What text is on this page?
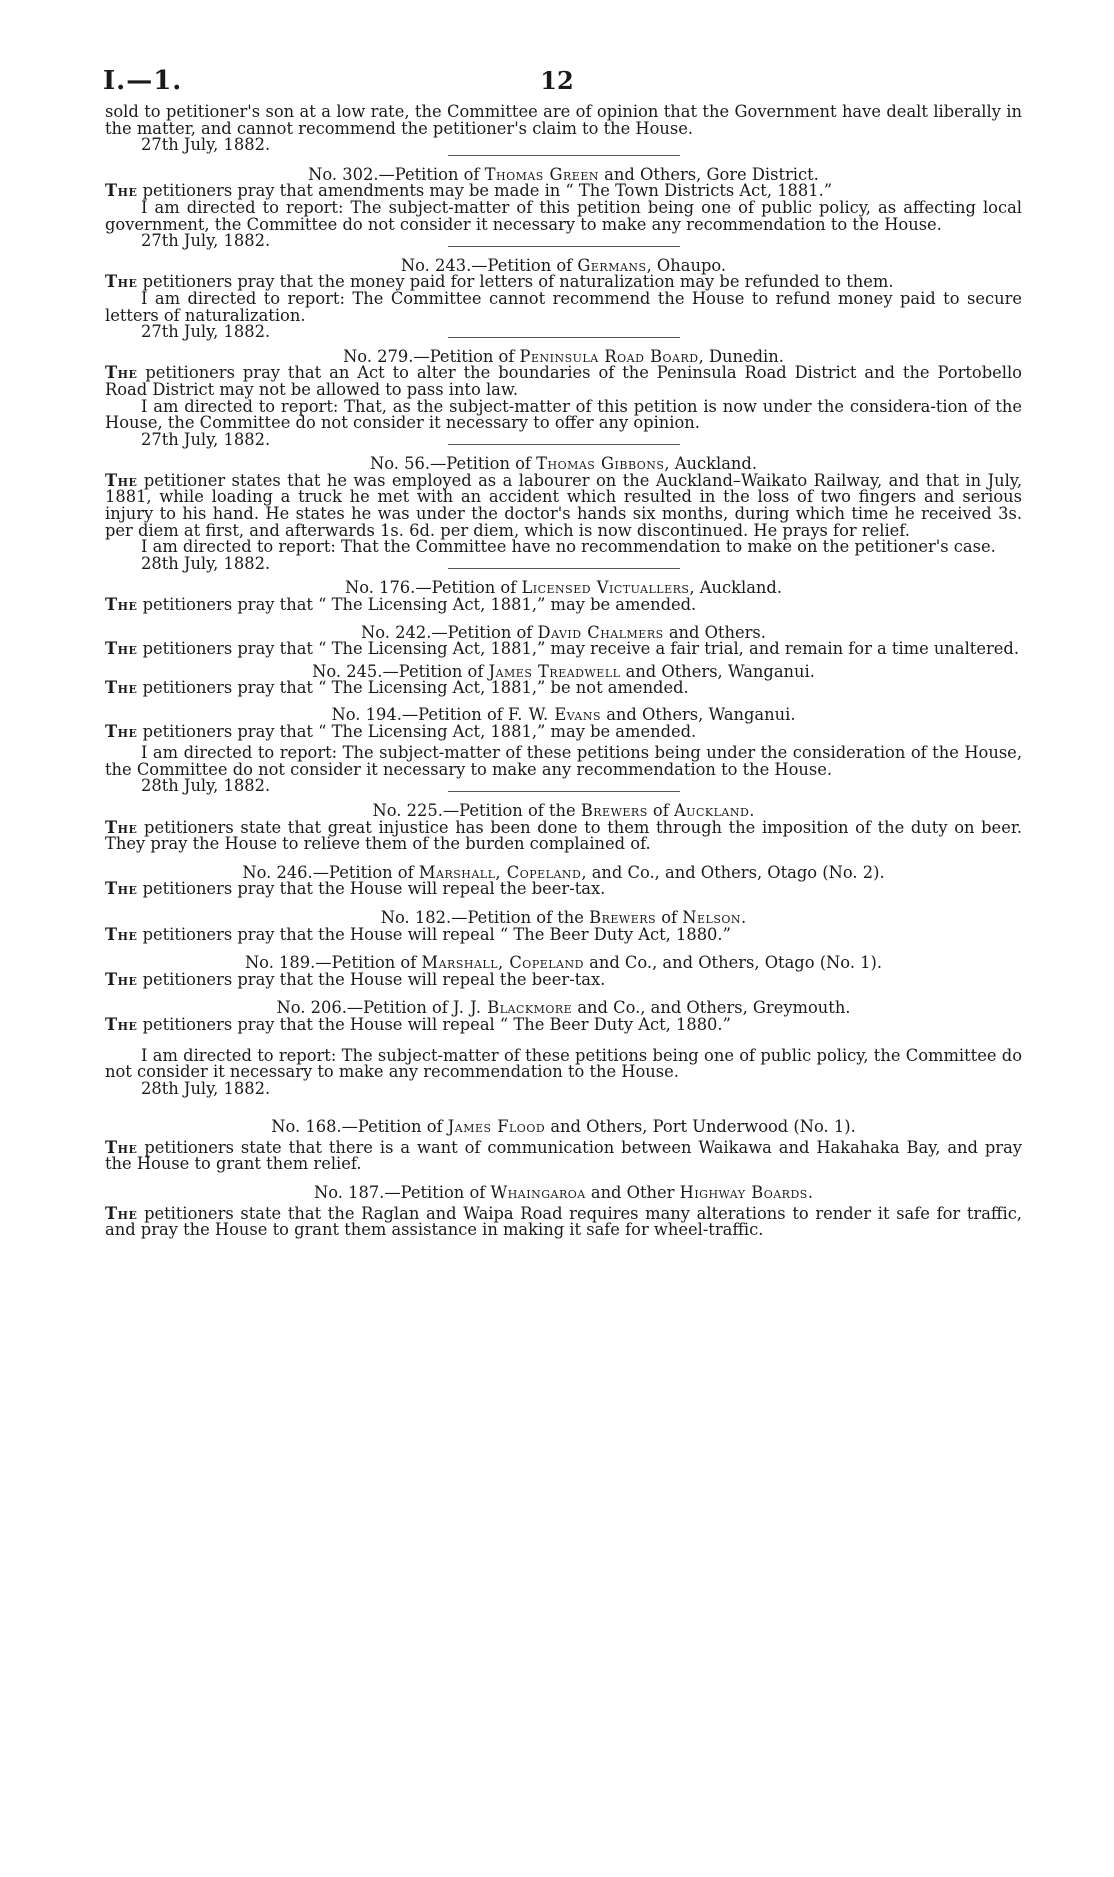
I.—1.	12

sold to petitioner's son at a low rate, the Committee are of opinion that the Government have dealt liberally in the matter, and cannot recommend the petitioner's claim to the House.

27th July, 1882.

No. 302.—Petition of Thomas Green and Others, Gore District.

The petitioners pray that amendments may be made in “ The Town Districts Act, 1881.”

I am directed to report: The subject-matter of this petition being one of public policy, as affecting local government, the Committee do not consider it necessary to make any recommendation to the House.

27th July, 1882.

No. 243.—Petition of Germans, Ohaupo.

The petitioners pray that the money paid for letters of naturalization may be refunded to them.

I am directed to report: The Committee cannot recommend the House to refund money paid to secure letters of naturalization.

27th July, 1882.

No. 279.—Petition of Peninsula Road Board, Dunedin.

The petitioners pray that an Act to alter the boundaries of the Peninsula Road District and the Portobello Road District may not be allowed to pass into law.

I am directed to report: That, as the subject-matter of this petition is now under the considera-tion of the House, the Committee do not consider it necessary to offer any opinion.

27th July, 1882.

No. 56.—Petition of Thomas Gibbons, Auckland.

The petitioner states that he was employed as a labourer on the Auckland–Waikato Railway, and that in July, 1881, while loading a truck he met with an accident which resulted in the loss of two fingers and serious injury to his hand. He states he was under the doctor's hands six months, during which time he received 3s. per diem at first, and afterwards 1s. 6d. per diem, which is now discontinued. He prays for relief.

I am directed to report: That the Committee have no recommendation to make on the petitioner's case.

28th July, 1882.

No. 176.—Petition of Licensed Victuallers, Auckland.

The petitioners pray that “ The Licensing Act, 1881,” may be amended.

No. 242.—Petition of David Chalmers and Others.

The petitioners pray that “ The Licensing Act, 1881,” may receive a fair trial, and remain for a time unaltered.

No. 245.—Petition of James Treadwell and Others, Wanganui.

The petitioners pray that “ The Licensing Act, 1881,” be not amended.

No. 194.—Petition of F. W. Evans and Others, Wanganui.

The petitioners pray that “ The Licensing Act, 1881,” may be amended.

I am directed to report: The subject-matter of these petitions being under the consideration of the House, the Committee do not consider it necessary to make any recommendation to the House.

28th July, 1882.

No. 225.—Petition of the Brewers of Auckland.

The petitioners state that great injustice has been done to them through the imposition of the duty on beer. They pray the House to relieve them of the burden complained of.

No. 246.—Petition of Marshall, Copeland, and Co., and Others, Otago (No. 2).

The petitioners pray that the House will repeal the beer-tax.

No. 182.—Petition of the Brewers of Nelson.

The petitioners pray that the House will repeal “ The Beer Duty Act, 1880.”

No. 189.—Petition of Marshall, Copeland and Co., and Others, Otago (No. 1).

The petitioners pray that the House will repeal the beer-tax.

No. 206.—Petition of J. J. Blackmore and Co., and Others, Greymouth.

The petitioners pray that the House will repeal “ The Beer Duty Act, 1880.”

I am directed to report: The subject-matter of these petitions being one of public policy, the Committee do not consider it necessary to make any recommendation to the House.

28th July, 1882.

No. 168.—Petition of James Flood and Others, Port Underwood (No. 1).

The petitioners state that there is a want of communication between Waikawa and Hakahaka Bay, and pray the House to grant them relief.

No. 187.—Petition of Whaingaroa and Other Highway Boards.

The petitioners state that the Raglan and Waipa Road requires many alterations to render it safe for traffic, and pray the House to grant them assistance in making it safe for wheel-traffic.
